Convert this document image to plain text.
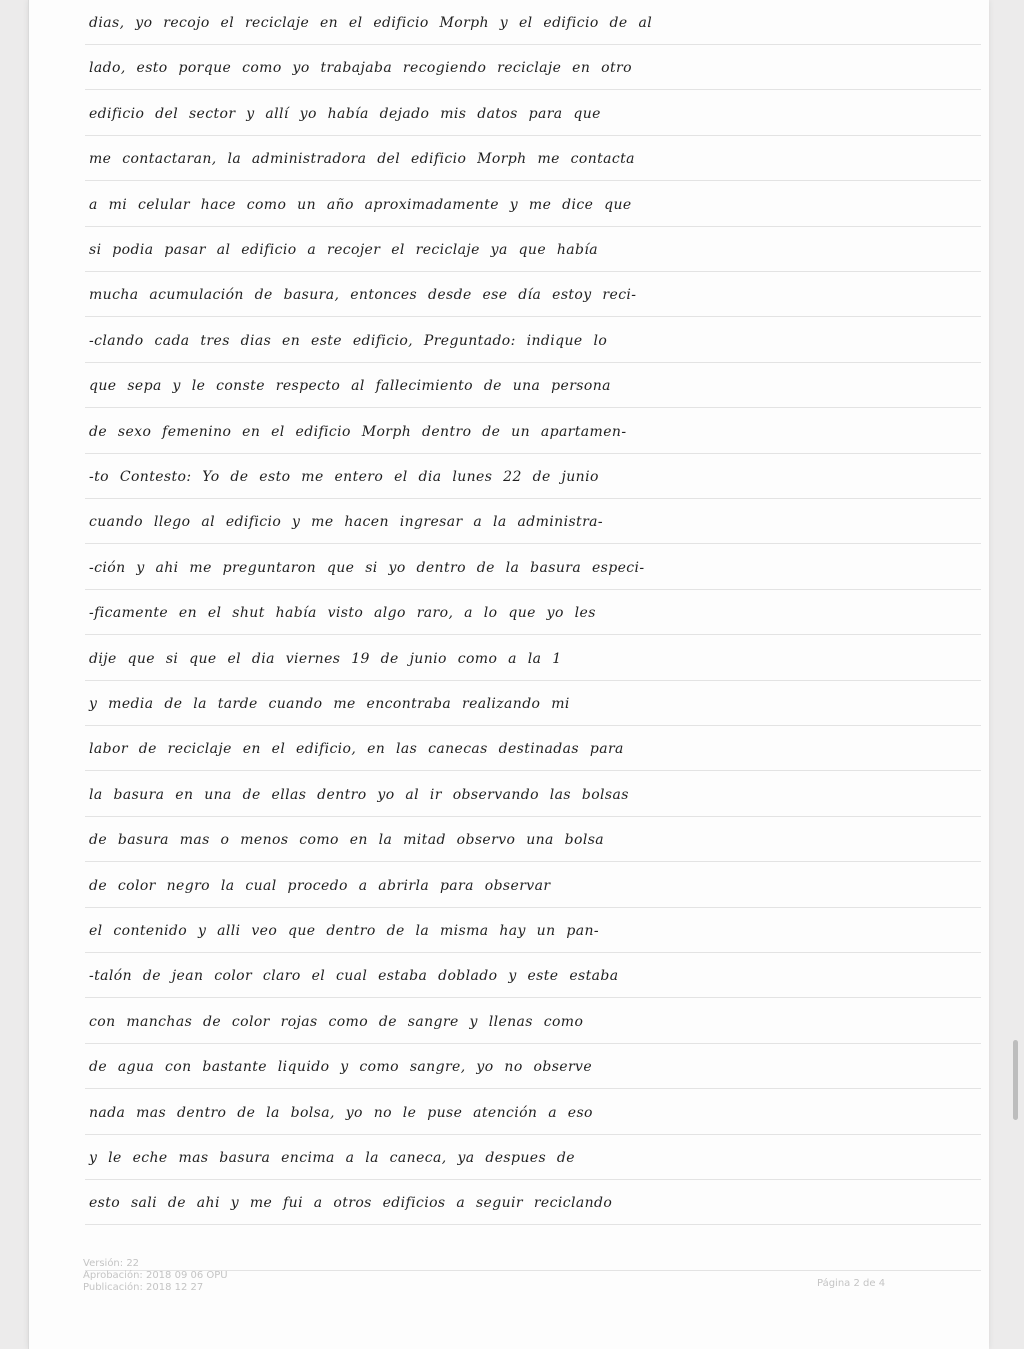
dias, yo recojo el reciclaje en el edificio Morph y el edificio de al
lado, esto porque como yo trabajaba recogiendo reciclaje en otro
edificio del sector y allí yo había dejado mis datos para que
me contactaran, la administradora del edificio Morph me contacta
a mi celular hace como un año aproximadamente y me dice que
si podia pasar al edificio a recojer el reciclaje ya que había
mucha acumulación de basura, entonces desde ese día estoy reci-
-clando cada tres dias en este edificio, Preguntado: indique lo
que sepa y le conste respecto al fallecimiento de una persona
de sexo femenino en el edificio Morph dentro de un apartamen-
-to Contesto: Yo de esto me entero el dia lunes 22 de junio
cuando llego al edificio y me hacen ingresar a la administra-
-ción y ahi me preguntaron que si yo dentro de la basura especi-
-ficamente en el shut había visto algo raro, a lo que yo les
dije que si que el dia viernes 19 de junio como a la 1
y media de la tarde cuando me encontraba realizando mi
labor de reciclaje en el edificio, en las canecas destinadas para
la basura en una de ellas dentro yo al ir observando las bolsas
de basura mas o menos como en la mitad observo una bolsa
de color negro la cual procedo a abrirla para observar
el contenido y alli veo que dentro de la misma hay un pan-
-talón de jean color claro el cual estaba doblado y este estaba
con manchas de color rojas como de sangre y llenas como
de agua con bastante liquido y como sangre, yo no observe
nada mas dentro de la bolsa, yo no le puse atención a eso
y le eche mas basura encima a la caneca, ya despues de
esto sali de ahi y me fui a otros edificios a seguir reciclando
Versión: 22
Aprobación: 2018 09 06 OPU
Publicación: 2018 12 27	Página 2 de 4
